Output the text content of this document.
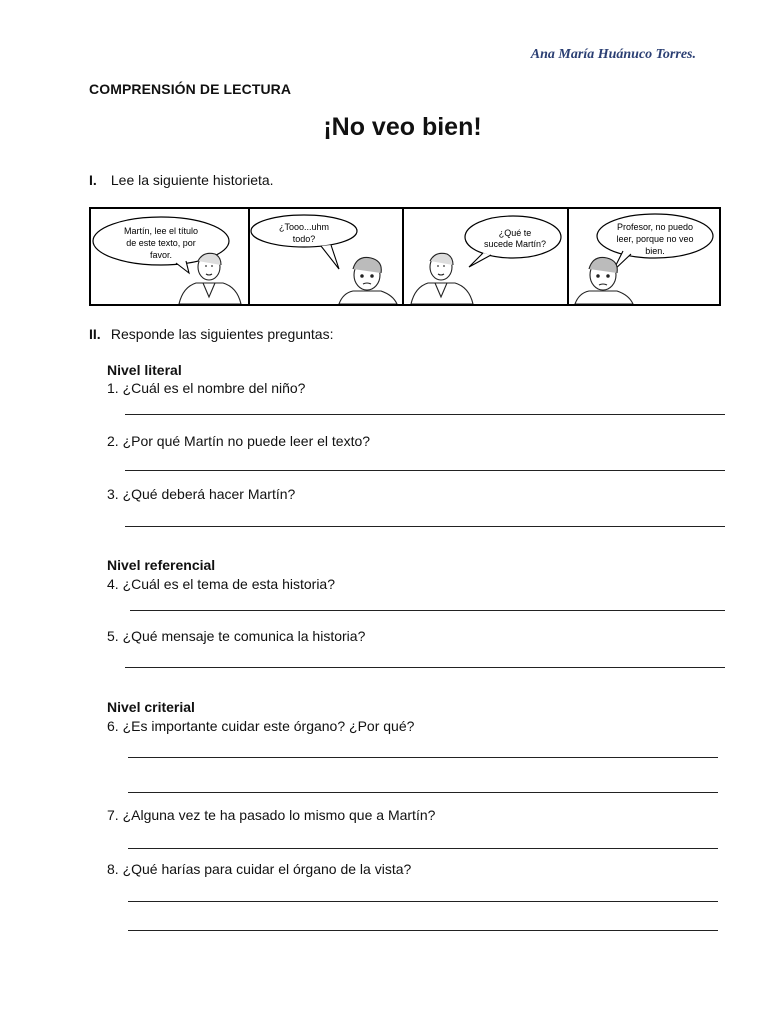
Ana María Huánuco Torres.
COMPRENSIÓN DE LECTURA
¡No veo bien!
I. Lee la siguiente historieta.
Martín, lee el título
de este texto, por
favor.
¿Tooo...uhm
todo?
¿Qué te
sucede Martín?
Profesor, no puedo
leer, porque no veo
bien.
II. Responde las siguientes preguntas:
Nivel literal
1. ¿Cuál es el nombre del niño?
2. ¿Por qué Martín no puede leer el texto?
3. ¿Qué deberá hacer Martín?
Nivel referencial
4. ¿Cuál es el tema de esta historia?
5. ¿Qué mensaje te comunica la historia?
Nivel criterial
6. ¿Es importante cuidar este órgano? ¿Por qué?
7. ¿Alguna vez te ha pasado lo mismo que a Martín?
8. ¿Qué harías para cuidar el órgano de la vista?
